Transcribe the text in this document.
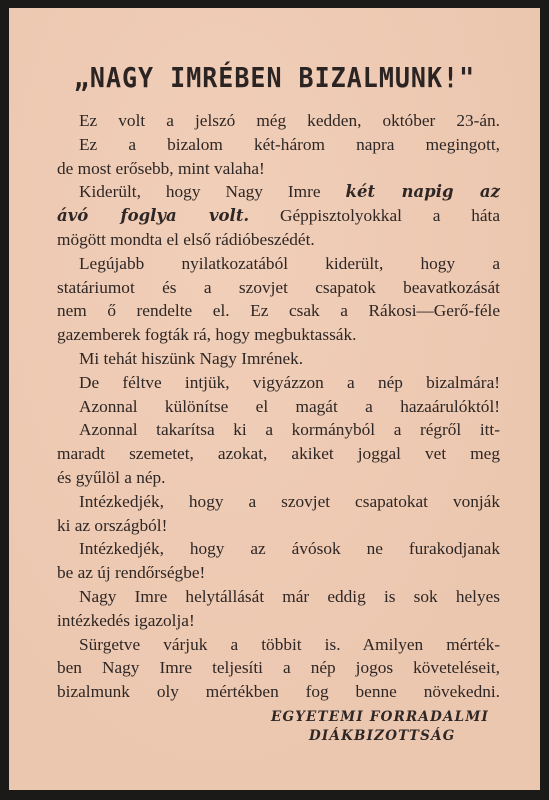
„NAGY IMRÉBEN BIZALMUNK!"
Ez volt a jelszó még kedden, október 23-án.
Ez a bizalom két-három napra megingott,
de most erősebb, mint valaha!
Kiderült, hogy Nagy Imre két napig az
ávó foglya volt. Géppisztolyokkal a háta
mögött mondta el első rádióbeszédét.
Legújabb nyilatkozatából kiderült, hogy a
statáriumot és a szovjet csapatok beavatkozását
nem ő rendelte el. Ez csak a Rákosi—Gerő-féle
gazemberek fogták rá, hogy megbuktassák.
Mi tehát hiszünk Nagy Imrének.
De féltve intjük, vigyázzon a nép bizalmára!
Azonnal különítse el magát a hazaárulóktól!
Azonnal takarítsa ki a kormányból a régről itt-
maradt szemetet, azokat, akiket joggal vet meg
és gyűlöl a nép.
Intézkedjék, hogy a szovjet csapatokat vonják
ki az országból!
Intézkedjék, hogy az ávósok ne furakodjanak
be az új rendőrségbe!
Nagy Imre helytállását már eddig is sok helyes
intézkedés igazolja!
Sürgetve várjuk a többit is. Amilyen mérték-
ben Nagy Imre teljesíti a nép jogos követeléseit,
bizalmunk oly mértékben fog benne növekedni.
EGYETEMI FORRADALMI
DIÁKBIZOTTSÁG
